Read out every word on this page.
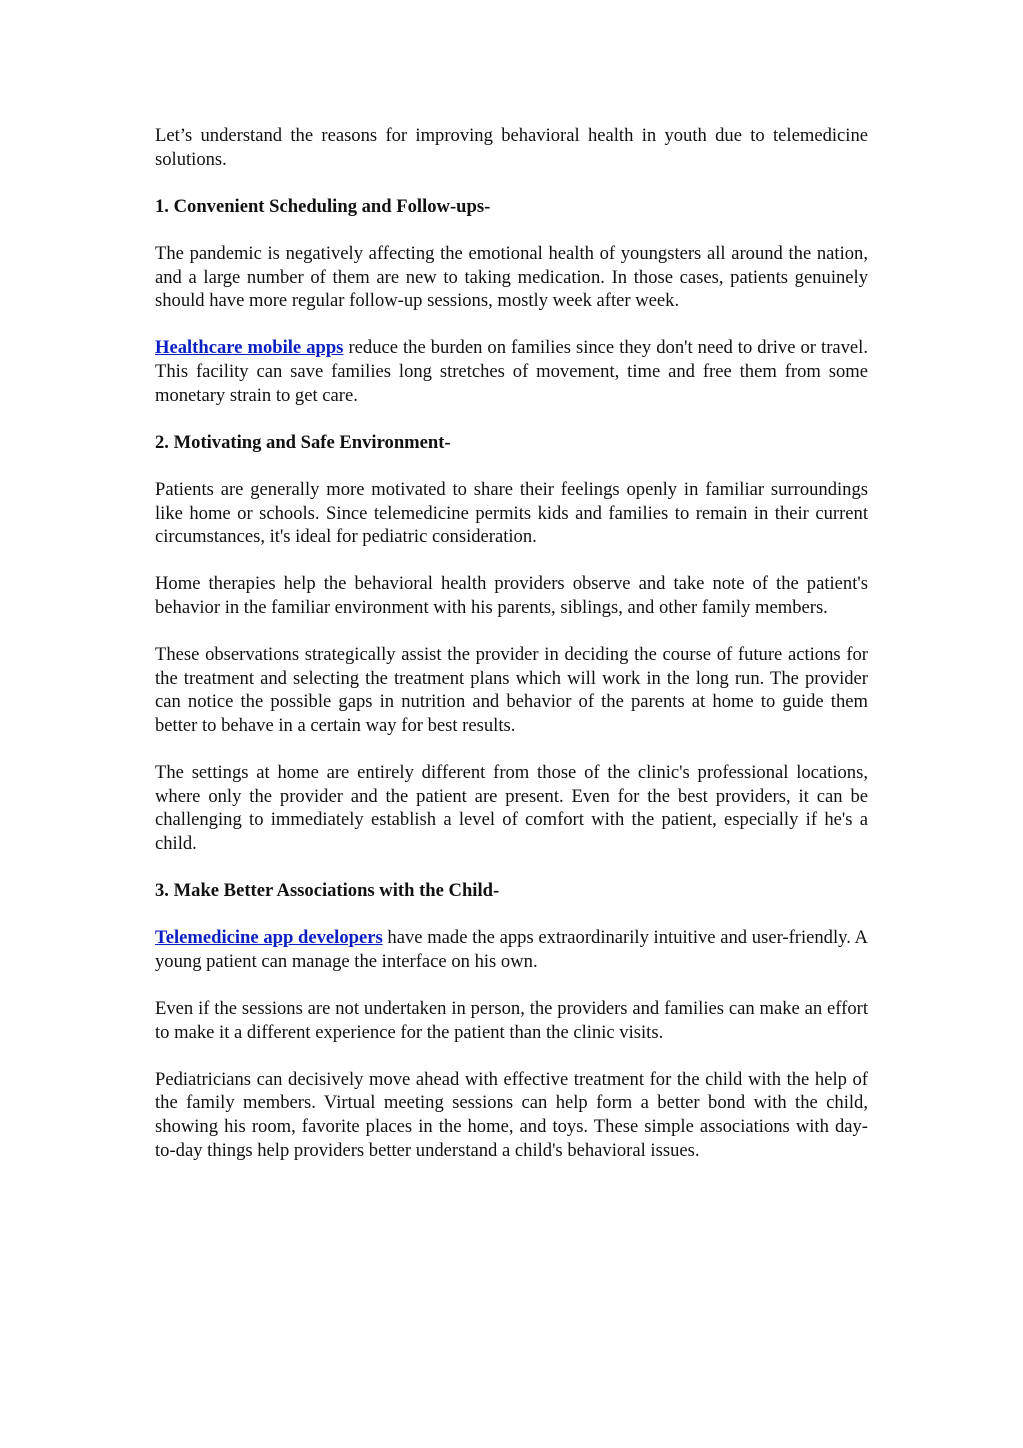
Let’s understand the reasons for improving behavioral health in youth due to telemedicine solutions.

1. Convenient Scheduling and Follow-ups-

The pandemic is negatively affecting the emotional health of youngsters all around the nation, and a large number of them are new to taking medication. In those cases, patients genuinely should have more regular follow-up sessions, mostly week after week.

Healthcare mobile apps reduce the burden on families since they don't need to drive or travel. This facility can save families long stretches of movement, time and free them from some monetary strain to get care.

2. Motivating and Safe Environment-

Patients are generally more motivated to share their feelings openly in familiar surroundings like home or schools. Since telemedicine permits kids and families to remain in their current circumstances, it's ideal for pediatric consideration.

Home therapies help the behavioral health providers observe and take note of the patient's behavior in the familiar environment with his parents, siblings, and other family members.

These observations strategically assist the provider in deciding the course of future actions for the treatment and selecting the treatment plans which will work in the long run. The provider can notice the possible gaps in nutrition and behavior of the parents at home to guide them better to behave in a certain way for best results.

The settings at home are entirely different from those of the clinic's professional locations, where only the provider and the patient are present. Even for the best providers, it can be challenging to immediately establish a level of comfort with the patient, especially if he's a child.

3. Make Better Associations with the Child-

Telemedicine app developers have made the apps extraordinarily intuitive and user-friendly. A young patient can manage the interface on his own.

Even if the sessions are not undertaken in person, the providers and families can make an effort to make it a different experience for the patient than the clinic visits.

Pediatricians can decisively move ahead with effective treatment for the child with the help of the family members. Virtual meeting sessions can help form a better bond with the child, showing his room, favorite places in the home, and toys. These simple associations with day-to-day things help providers better understand a child's behavioral issues.
